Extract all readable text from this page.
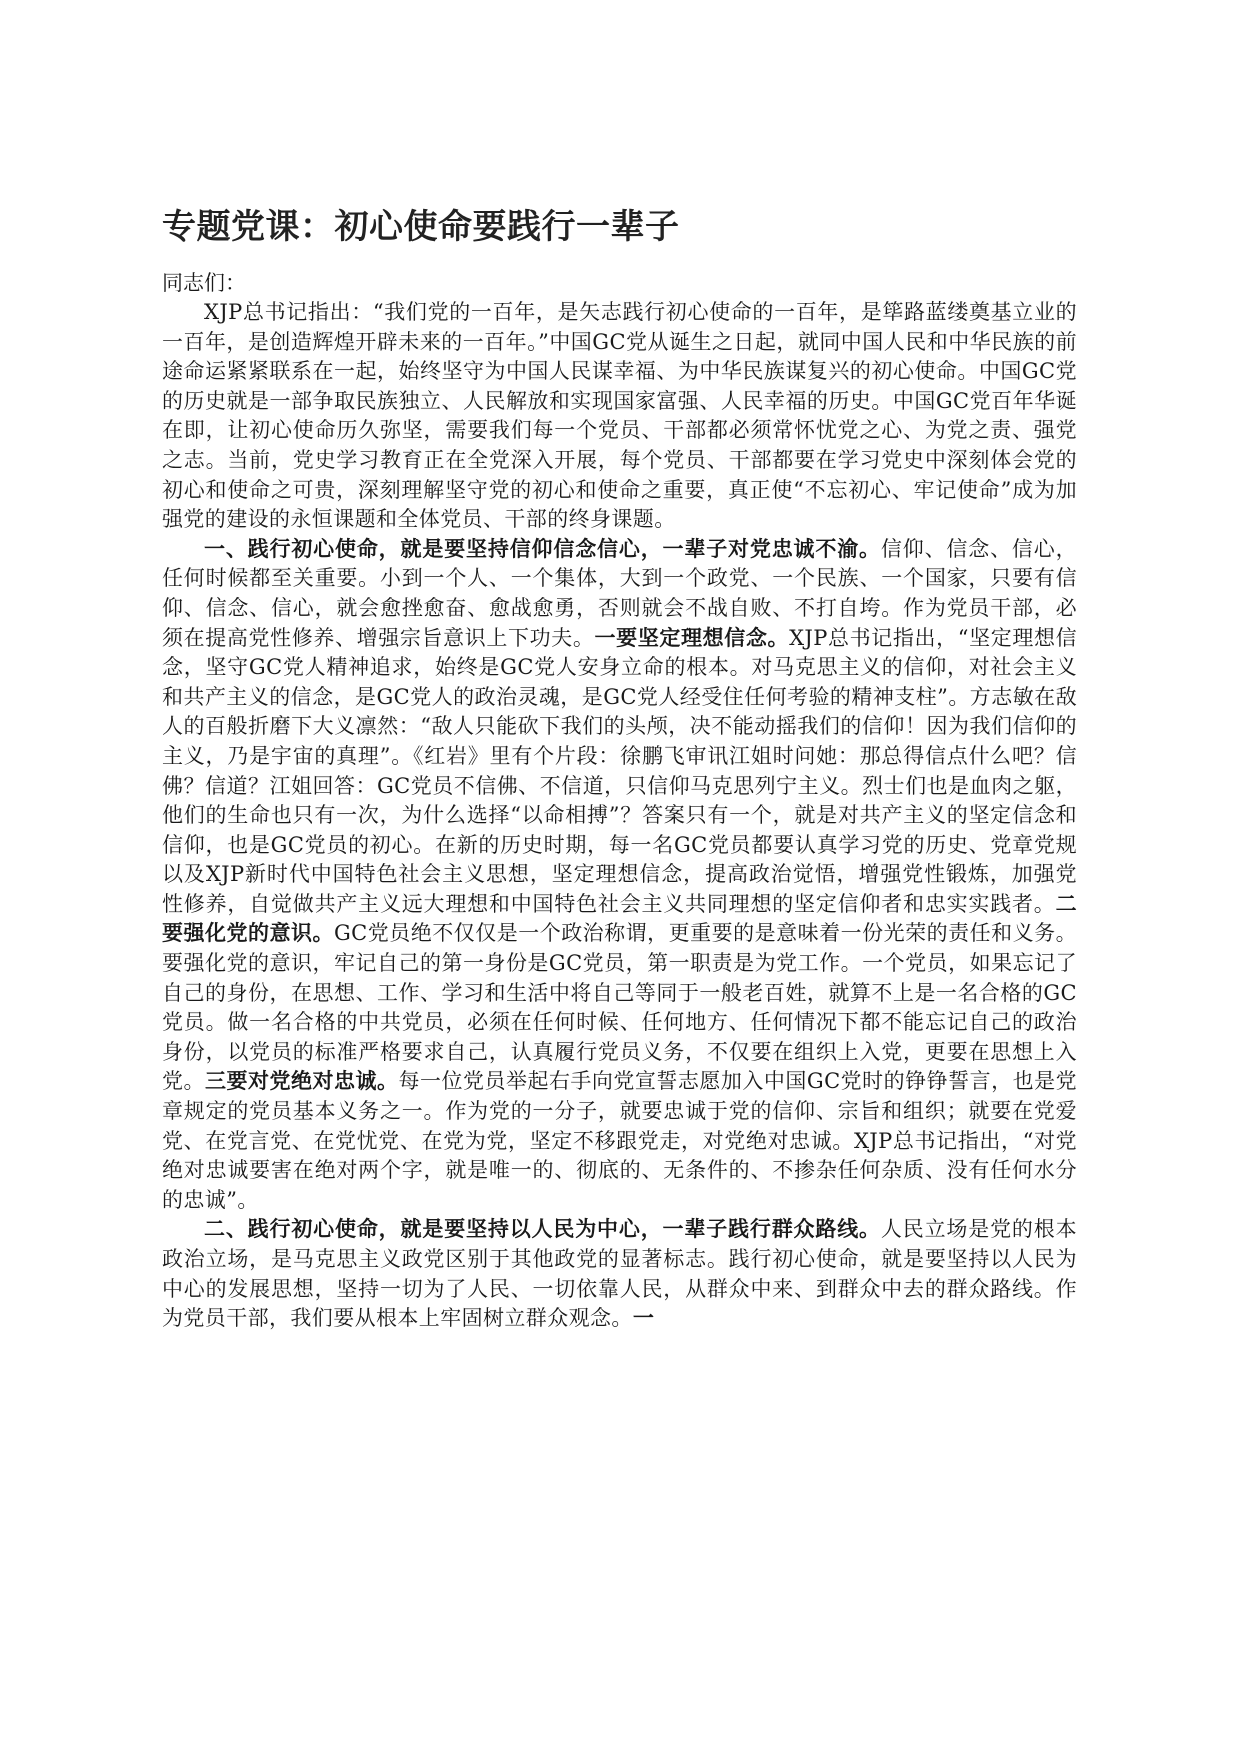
专题党课：初心使命要践行一辈子

同志们：

XJP总书记指出：“我们党的一百年，是矢志践行初心使命的一百年，是筚路蓝缕奠基立业的一百年，是创造辉煌开辟未来的一百年。”中国GC党从诞生之日起，就同中国人民和中华民族的前途命运紧紧联系在一起，始终坚守为中国人民谋幸福、为中华民族谋复兴的初心使命。中国GC党的历史就是一部争取民族独立、人民解放和实现国家富强、人民幸福的历史。中国GC党百年华诞在即，让初心使命历久弥坚，需要我们每一个党员、干部都必须常怀忧党之心、为党之责、强党之志。当前，党史学习教育正在全党深入开展，每个党员、干部都要在学习党史中深刻体会党的初心和使命之可贵，深刻理解坚守党的初心和使命之重要，真正使“不忘初心、牢记使命”成为加强党的建设的永恒课题和全体党员、干部的终身课题。

一、践行初心使命，就是要坚持信仰信念信心，一辈子对党忠诚不渝。信仰、信念、信心，任何时候都至关重要。小到一个人、一个集体，大到一个政党、一个民族、一个国家，只要有信仰、信念、信心，就会愈挫愈奋、愈战愈勇，否则就会不战自败、不打自垮。作为党员干部，必须在提高党性修养、增强宗旨意识上下功夫。一要坚定理想信念。XJP总书记指出，“坚定理想信念，坚守GC党人精神追求，始终是GC党人安身立命的根本。对马克思主义的信仰，对社会主义和共产主义的信念，是GC党人的政治灵魂，是GC党人经受住任何考验的精神支柱”。方志敏在敌人的百般折磨下大义凛然：“敌人只能砍下我们的头颅，决不能动摇我们的信仰！因为我们信仰的主义，乃是宇宙的真理”。《红岩》里有个片段：徐鹏飞审讯江姐时问她：那总得信点什么吧？信佛？信道？江姐回答：GC党员不信佛、不信道，只信仰马克思列宁主义。烈士们也是血肉之躯，他们的生命也只有一次，为什么选择“以命相搏”？答案只有一个，就是对共产主义的坚定信念和信仰，也是GC党员的初心。在新的历史时期，每一名GC党员都要认真学习党的历史、党章党规以及XJP新时代中国特色社会主义思想，坚定理想信念，提高政治觉悟，增强党性锻炼，加强党性修养，自觉做共产主义远大理想和中国特色社会主义共同理想的坚定信仰者和忠实实践者。二要强化党的意识。GC党员绝不仅仅是一个政治称谓，更重要的是意味着一份光荣的责任和义务。要强化党的意识，牢记自己的第一身份是GC党员，第一职责是为党工作。一个党员，如果忘记了自己的身份，在思想、工作、学习和生活中将自己等同于一般老百姓，就算不上是一名合格的GC党员。做一名合格的中共党员，必须在任何时候、任何地方、任何情况下都不能忘记自己的政治身份，以党员的标准严格要求自己，认真履行党员义务，不仅要在组织上入党，更要在思想上入党。三要对党绝对忠诚。每一位党员举起右手向党宣誓志愿加入中国GC党时的铮铮誓言，也是党章规定的党员基本义务之一。作为党的一分子，就要忠诚于党的信仰、宗旨和组织；就要在党爱党、在党言党、在党忧党、在党为党，坚定不移跟党走，对党绝对忠诚。XJP总书记指出，“对党绝对忠诚要害在绝对两个字，就是唯一的、彻底的、无条件的、不掺杂任何杂质、没有任何水分的忠诚”。

二、践行初心使命，就是要坚持以人民为中心，一辈子践行群众路线。人民立场是党的根本政治立场，是马克思主义政党区别于其他政党的显著标志。践行初心使命，就是要坚持以人民为中心的发展思想，坚持一切为了人民、一切依靠人民，从群众中来、到群众中去的群众路线。作为党员干部，我们要从根本上牢固树立群众观念。一
